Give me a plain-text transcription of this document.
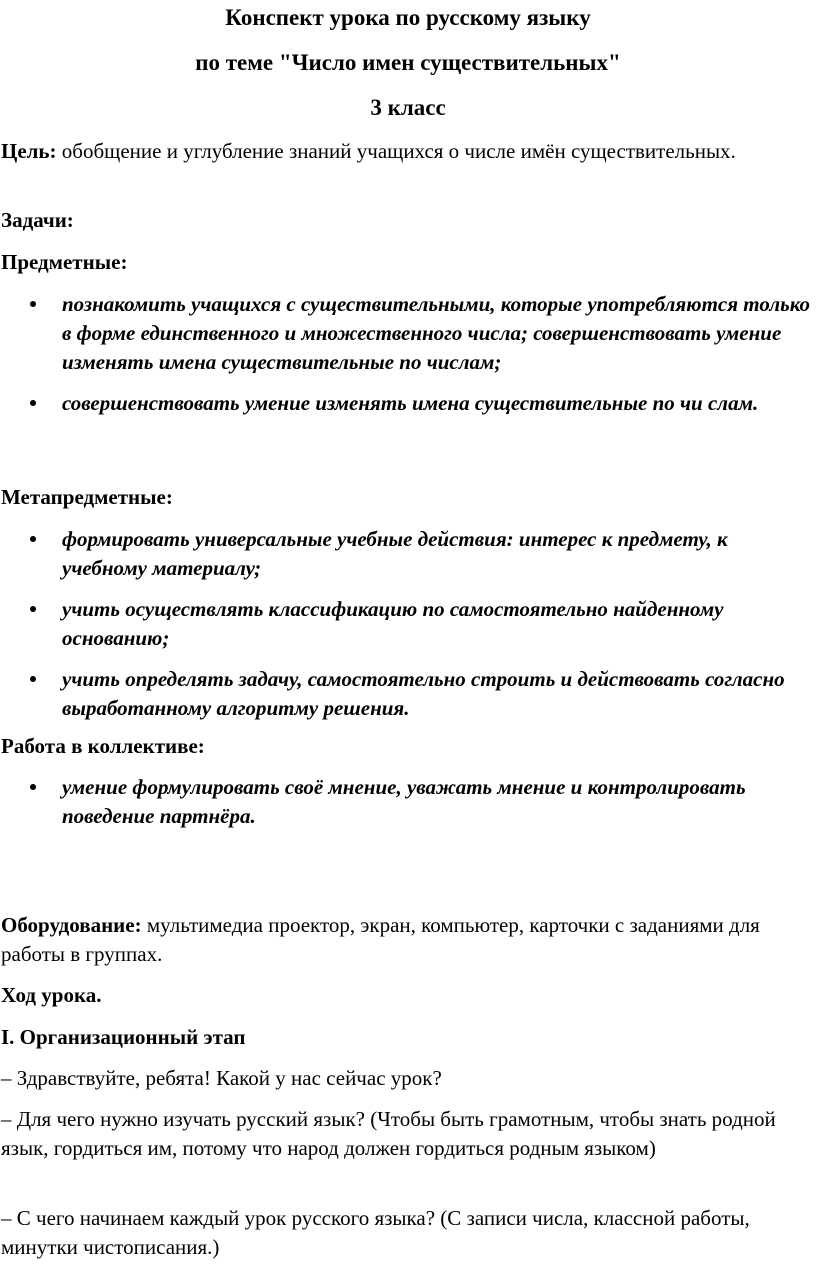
Конспект урока по русскому языку
по теме "Число имен существительных"
3 класс
Цель: обобщение и углубление знаний учащихся о числе имён существительных.
Задачи:
Предметные:
познакомить учащихся с существительными, которые употребляются только в форме единственного и множественного числа; совершенствовать умение изменять имена существительные по числам;
совершенствовать умение изменять имена существительные по чи слам.
Метапредметные:
формировать универсальные учебные действия: интерес к предмету, к учебному материалу;
учить осуществлять классификацию по самостоятельно найденному основанию;
учить определять задачу, самостоятельно строить и действовать согласно выработанному алгоритму решения.
Работа в коллективе:
умение формулировать своё мнение, уважать мнение и контролировать поведение партнёра.
Оборудование: мультимедиа проектор, экран, компьютер, карточки с заданиями для работы в группах.
Ход урока.
I. Организационный этап
– Здравствуйте, ребята! Какой у нас сейчас урок?
– Для чего нужно изучать русский язык? (Чтобы быть грамотным, чтобы знать родной язык, гордиться им, потому что народ должен гордиться родным языком)
– С чего начинаем каждый урок русского языка? (С записи числа, классной работы, минутки чистописания.)
